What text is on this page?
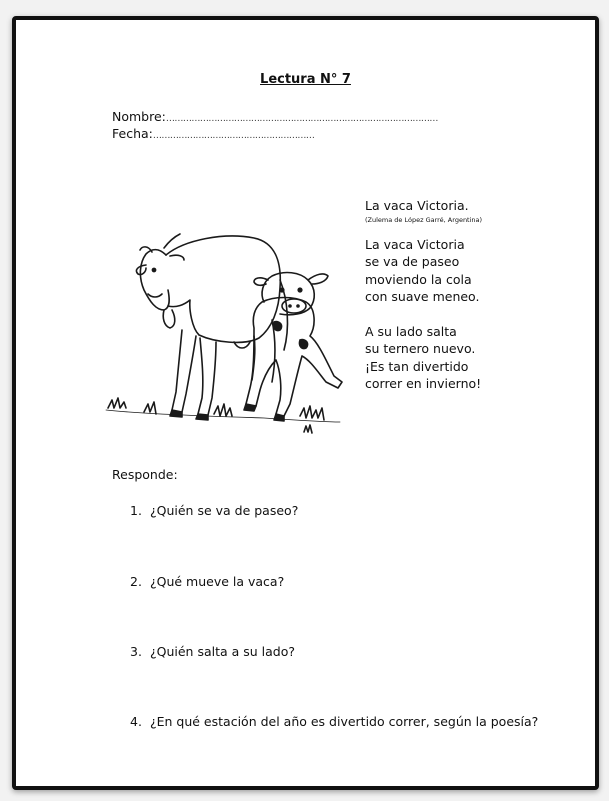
Lectura N° 7
Nombre:……………………………………………………………………………………
Fecha:…………………………………………………
La vaca Victoria.
(Zulema de López Garré, Argentina)
La vaca Victoria
se va de paseo
moviendo la cola
con suave meneo.
A su lado salta
su ternero nuevo.
¡Es tan divertido
correr en invierno!
Responde:
1. ¿Quién se va de paseo?
2. ¿Qué mueve la vaca?
3. ¿Quién salta a su lado?
4. ¿En qué estación del año es divertido correr, según la poesía?
